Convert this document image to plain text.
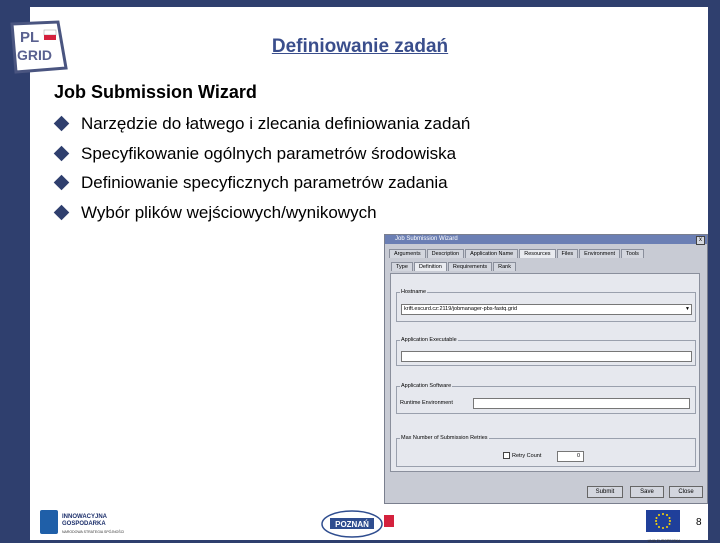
PL
GRID	Definiowanie zadań
Job Submission Wizard
Narzędzie do łatwego i zlecania definiowania zadań
Specyfikowanie ogólnych parametrów środowiska
Definiowanie specyficznych parametrów zadania
Wybór plików wejściowych/wynikowych
Job Submission Wizard	x
Arguments	Description	Application Name	Resources	Files	Environment	Tools
Type	Definition	Requirements	Rank
Hostname
krift.escurd.cz:2119/jobmanager-pbs-fastq.grid	▼
Application Executable
Application Software
Runtime Environment
Max Number of Submission Retries
Retry Count	0
Submit	Save	Close
INNOWACYJNA
GOSPODARKA
NARODOWA STRATEGIA SPÓJNOŚCI
POZNAŃ
UNIA EUROPEJSKA
8
